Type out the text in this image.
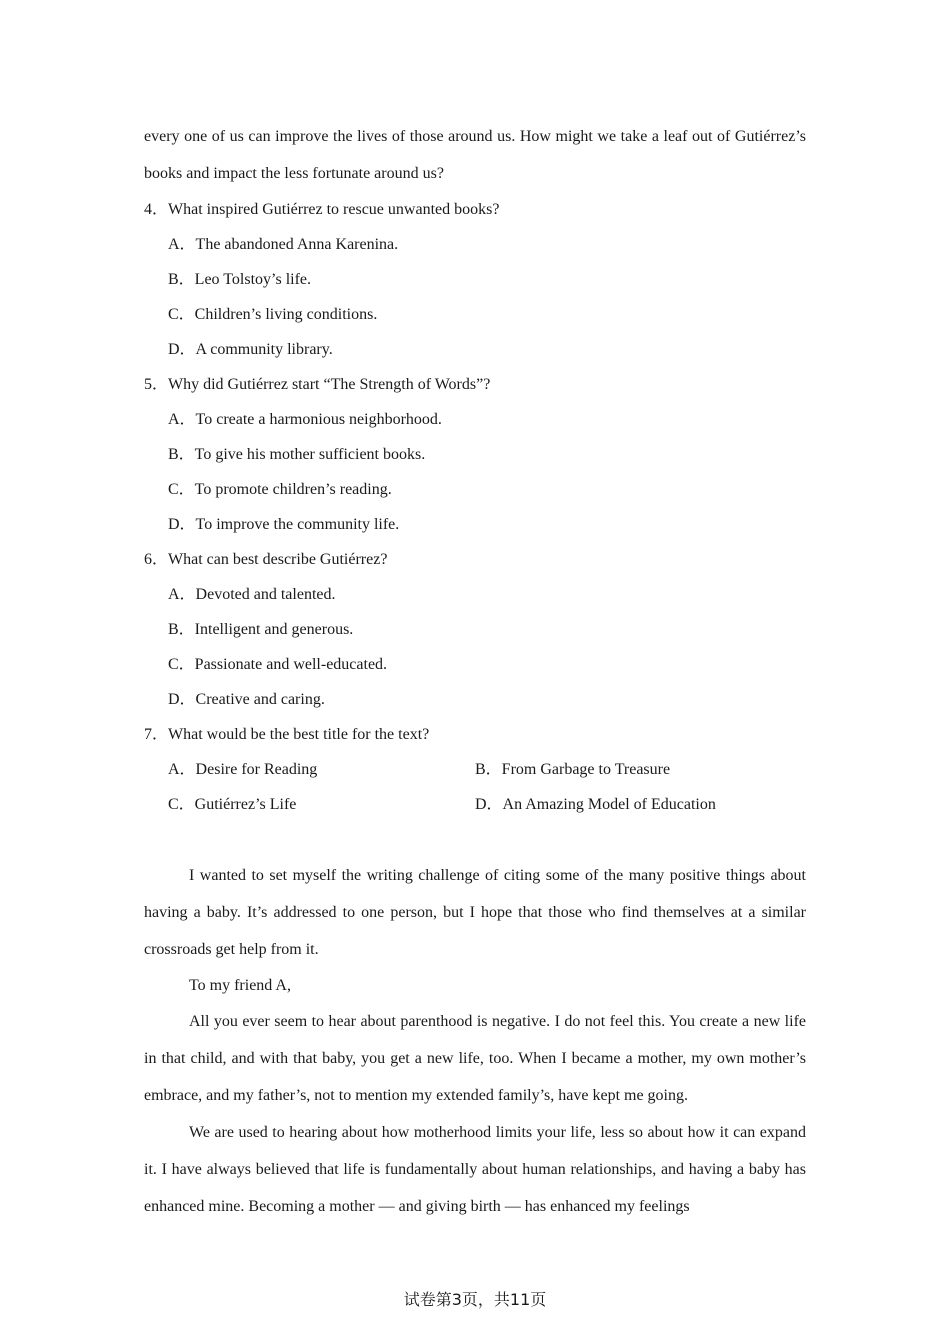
every one of us can improve the lives of those around us. How might we take a leaf out of Gutiérrez’s books and impact the less fortunate around us?

4．What inspired Gutiérrez to rescue unwanted books?

A．The abandoned Anna Karenina.

B．Leo Tolstoy’s life.

C．Children’s living conditions.

D．A community library.

5．Why did Gutiérrez start “The Strength of Words”?

A．To create a harmonious neighborhood.

B．To give his mother sufficient books.

C．To promote children’s reading.

D．To improve the community life.

6．What can best describe Gutiérrez?

A．Devoted and talented.

B．Intelligent and generous.

C．Passionate and well-educated.

D．Creative and caring.

7．What would be the best title for the text?

A．Desire for Reading	B．From Garbage to Treasure
C．Gutiérrez’s Life	D．An Amazing Model of Education

I wanted to set myself the writing challenge of citing some of the many positive things about having a baby. It’s addressed to one person, but I hope that those who find themselves at a similar crossroads get help from it.

To my friend A,

All you ever seem to hear about parenthood is negative. I do not feel this. You create a new life in that child, and with that baby, you get a new life, too. When I became a mother, my own mother’s embrace, and my father’s, not to mention my extended family’s, have kept me going.

We are used to hearing about how motherhood limits your life, less so about how it can expand it. I have always believed that life is fundamentally about human relationships, and having a baby has enhanced mine. Becoming a mother — and giving birth — has enhanced my feelings

试卷第3页，共11页
